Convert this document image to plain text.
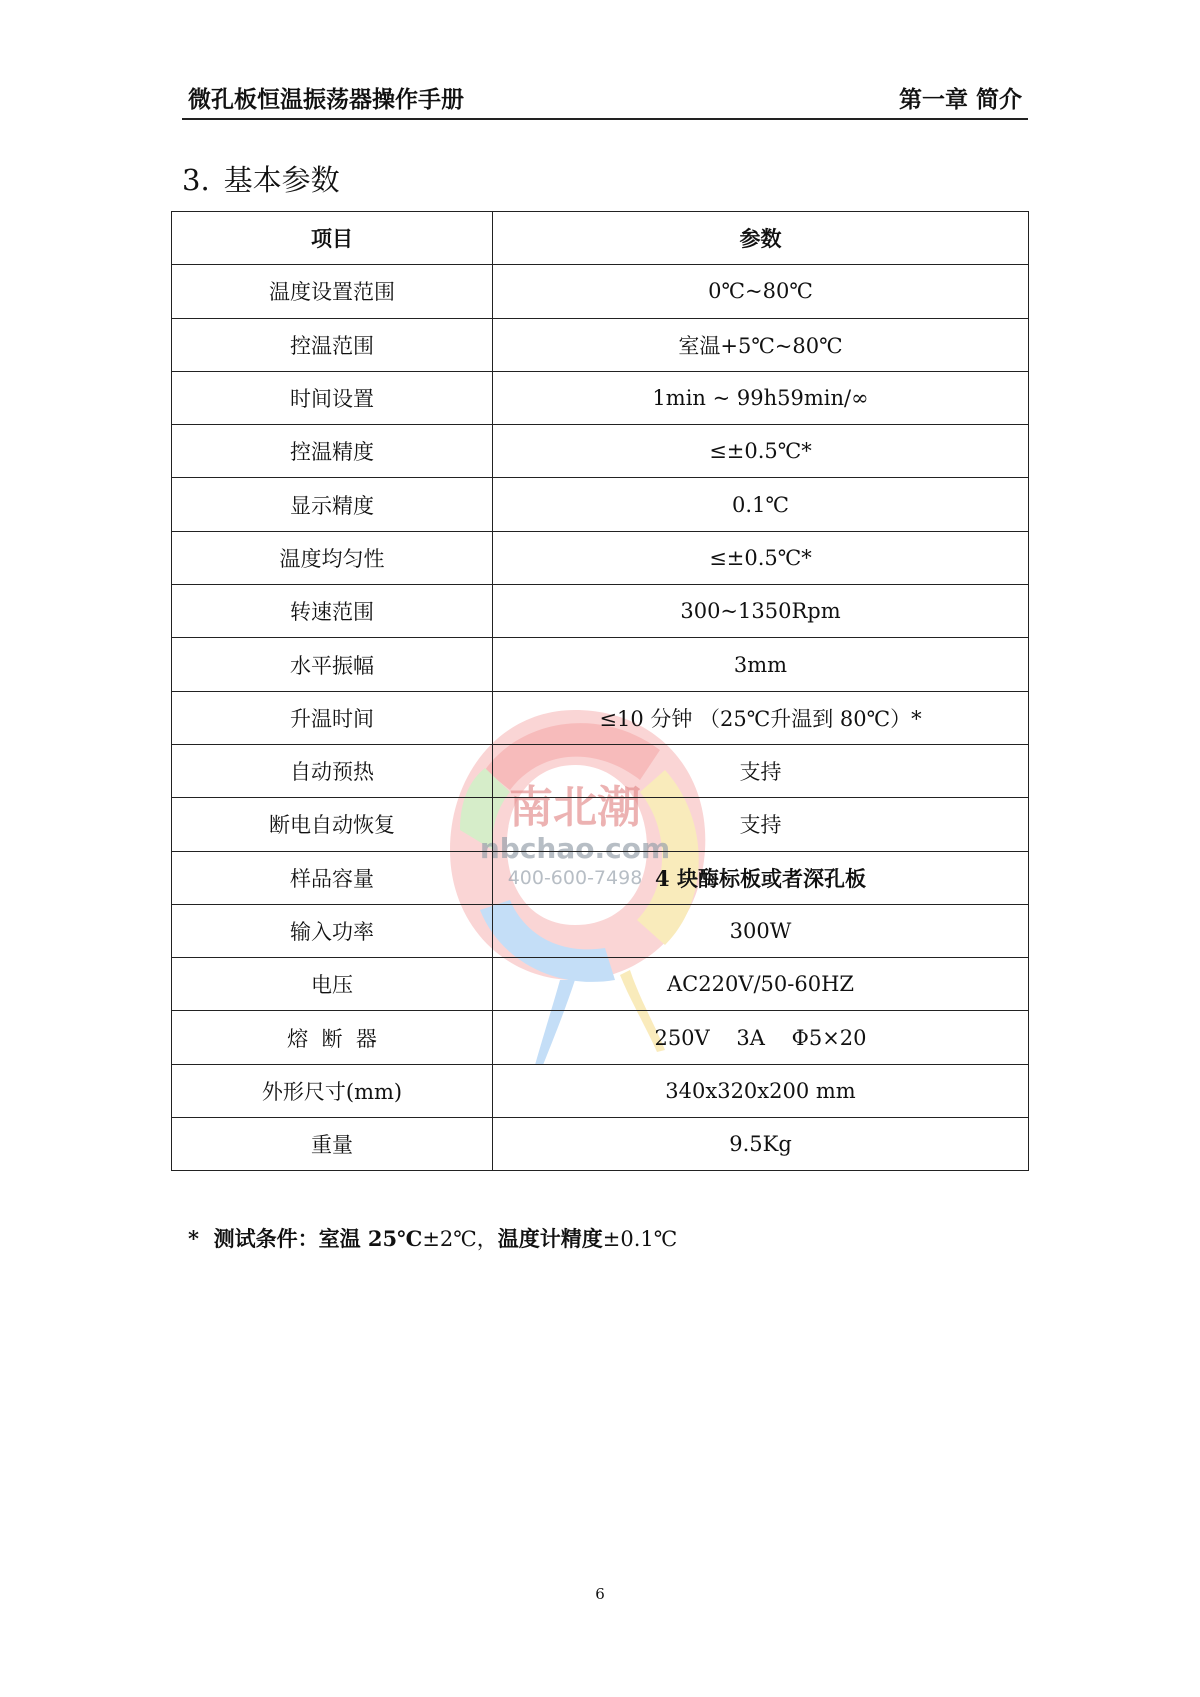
微孔板恒温振荡器操作手册	第一章 简介
3. 基本参数
南北潮
nbchao.com
400-600-7498
项目	参数
温度设置范围	0℃~80℃
控温范围	室温+5℃~80℃
时间设置	1min ~ 99h59min/∞
控温精度	≤±0.5℃*
显示精度	0.1℃
温度均匀性	≤±0.5℃*
转速范围	300~1350Rpm
水平振幅	3mm
升温时间	≤10 分钟 （25℃升温到 80℃）*
自动预热	支持
断电自动恢复	支持
样品容量	4 块酶标板或者深孔板
输入功率	300W
电压	AC220V/50-60HZ
熔  断  器	250V    3A    Φ5×20
外形尺寸(mm)	340x320x200 mm
重量	9.5Kg
*  测试条件：室温 25℃±2℃，温度计精度±0.1℃
6
